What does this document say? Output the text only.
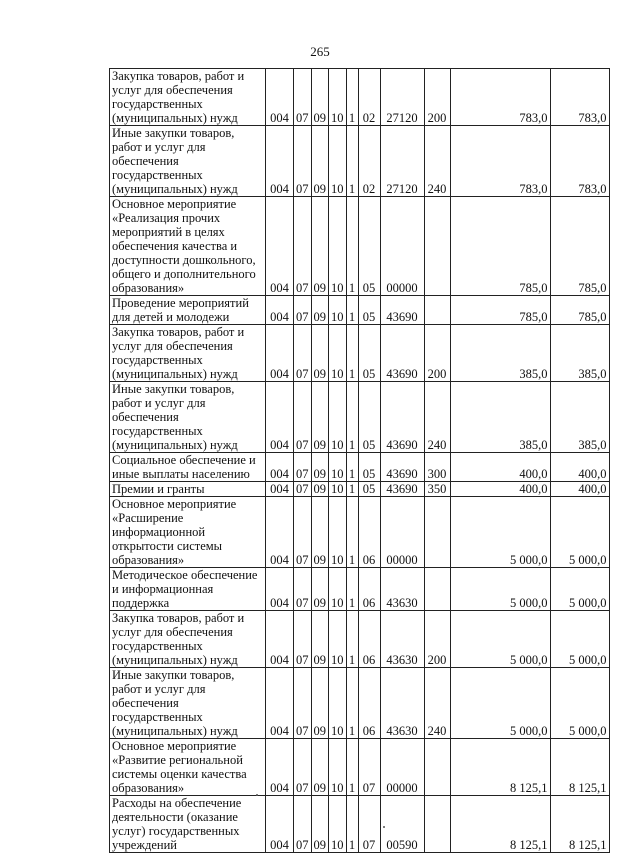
265
Закупка товаров, работ и услуг для обеспечения государственных (муниципальных) нужд	004	07	09	10	1	02	27120	200	783,0	783,0
Иные закупки товаров, работ и услуг для обеспечения государственных (муниципальных) нужд	004	07	09	10	1	02	27120	240	783,0	783,0
Основное мероприятие «Реализация прочих мероприятий в целях обеспечения качества и доступности дошкольного, общего и дополнительного образования»	004	07	09	10	1	05	00000		785,0	785,0
Проведение мероприятий для детей и молодежи	004	07	09	10	1	05	43690		785,0	785,0
Закупка товаров, работ и услуг для обеспечения государственных (муниципальных) нужд	004	07	09	10	1	05	43690	200	385,0	385,0
Иные закупки товаров, работ и услуг для обеспечения государственных (муниципальных) нужд	004	07	09	10	1	05	43690	240	385,0	385,0
Социальное обеспечение и иные выплаты населению	004	07	09	10	1	05	43690	300	400,0	400,0
Премии и гранты	004	07	09	10	1	05	43690	350	400,0	400,0
Основное мероприятие «Расширение информационной открытости системы образования»	004	07	09	10	1	06	00000		5 000,0	5 000,0
Методическое обеспечение и информационная поддержка	004	07	09	10	1	06	43630		5 000,0	5 000,0
Закупка товаров, работ и услуг для обеспечения государственных (муниципальных) нужд	004	07	09	10	1	06	43630	200	5 000,0	5 000,0
Иные закупки товаров, работ и услуг для обеспечения государственных (муниципальных) нужд	004	07	09	10	1	06	43630	240	5 000,0	5 000,0
Основное мероприятие «Развитие региональной системы оценки качества образования»	004	07	09	10	1	07	00000		8 125,1	8 125,1
Расходы на обеспечение деятельности (оказание услуг) государственных учреждений	004	07	09	10	1	07	00590		8 125,1	8 125,1
